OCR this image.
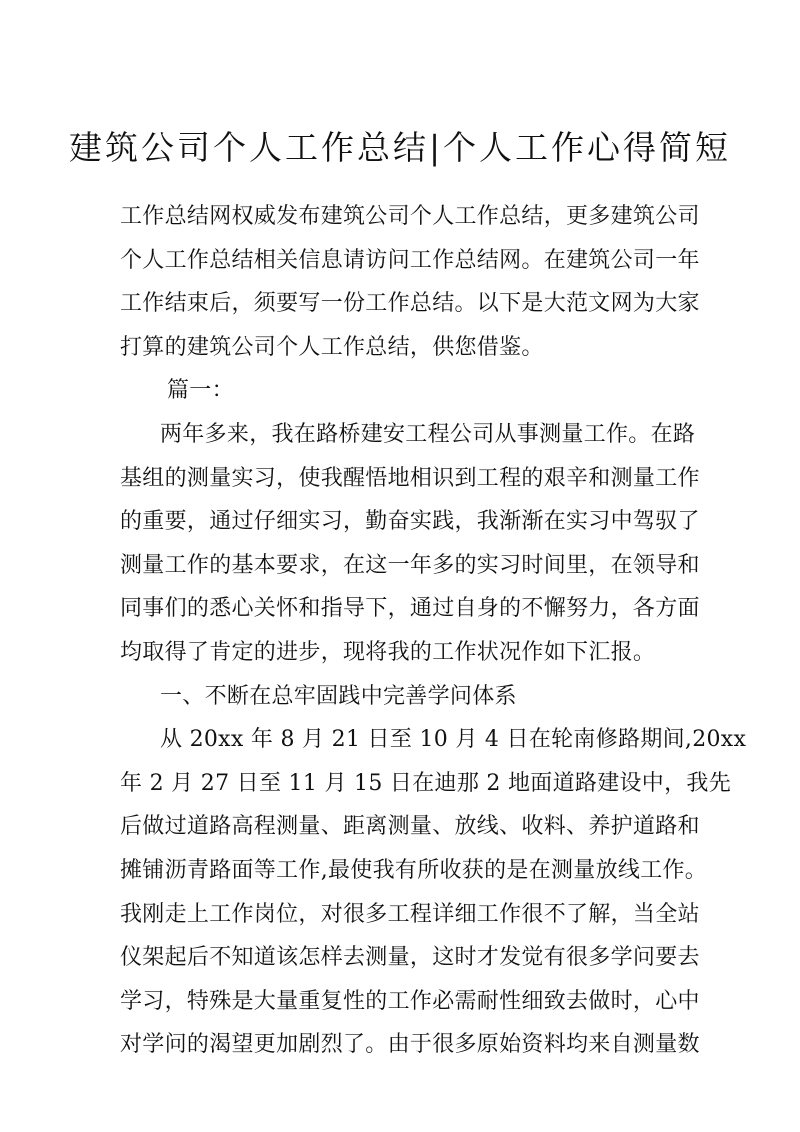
建筑公司个人工作总结|个人工作心得简短
工作总结网权威发布建筑公司个人工作总结，更多建筑公司
个人工作总结相关信息请访问工作总结网。在建筑公司一年
工作结束后，须要写一份工作总结。以下是大范文网为大家
打算的建筑公司个人工作总结，供您借鉴。
篇一：
两年多来，我在路桥建安工程公司从事测量工作。在路
基组的测量实习，使我醒悟地相识到工程的艰辛和测量工作
的重要，通过仔细实习，勤奋实践，我渐渐在实习中驾驭了
测量工作的基本要求，在这一年多的实习时间里，在领导和
同事们的悉心关怀和指导下，通过自身的不懈努力，各方面
均取得了肯定的进步，现将我的工作状况作如下汇报。
一、不断在总牢固践中完善学问体系
从 20xx 年 8 月 21 日至 10 月 4 日在轮南修路期间,20xx
年 2 月 27 日至 11 月 15 日在迪那 2 地面道路建设中，我先
后做过道路高程测量、距离测量、放线、收料、养护道路和
摊铺沥青路面等工作,最使我有所收获的是在测量放线工作。
我刚走上工作岗位，对很多工程详细工作很不了解，当全站
仪架起后不知道该怎样去测量，这时才发觉有很多学问要去
学习，特殊是大量重复性的工作必需耐性细致去做时，心中
对学问的渴望更加剧烈了。由于很多原始资料均来自测量数
